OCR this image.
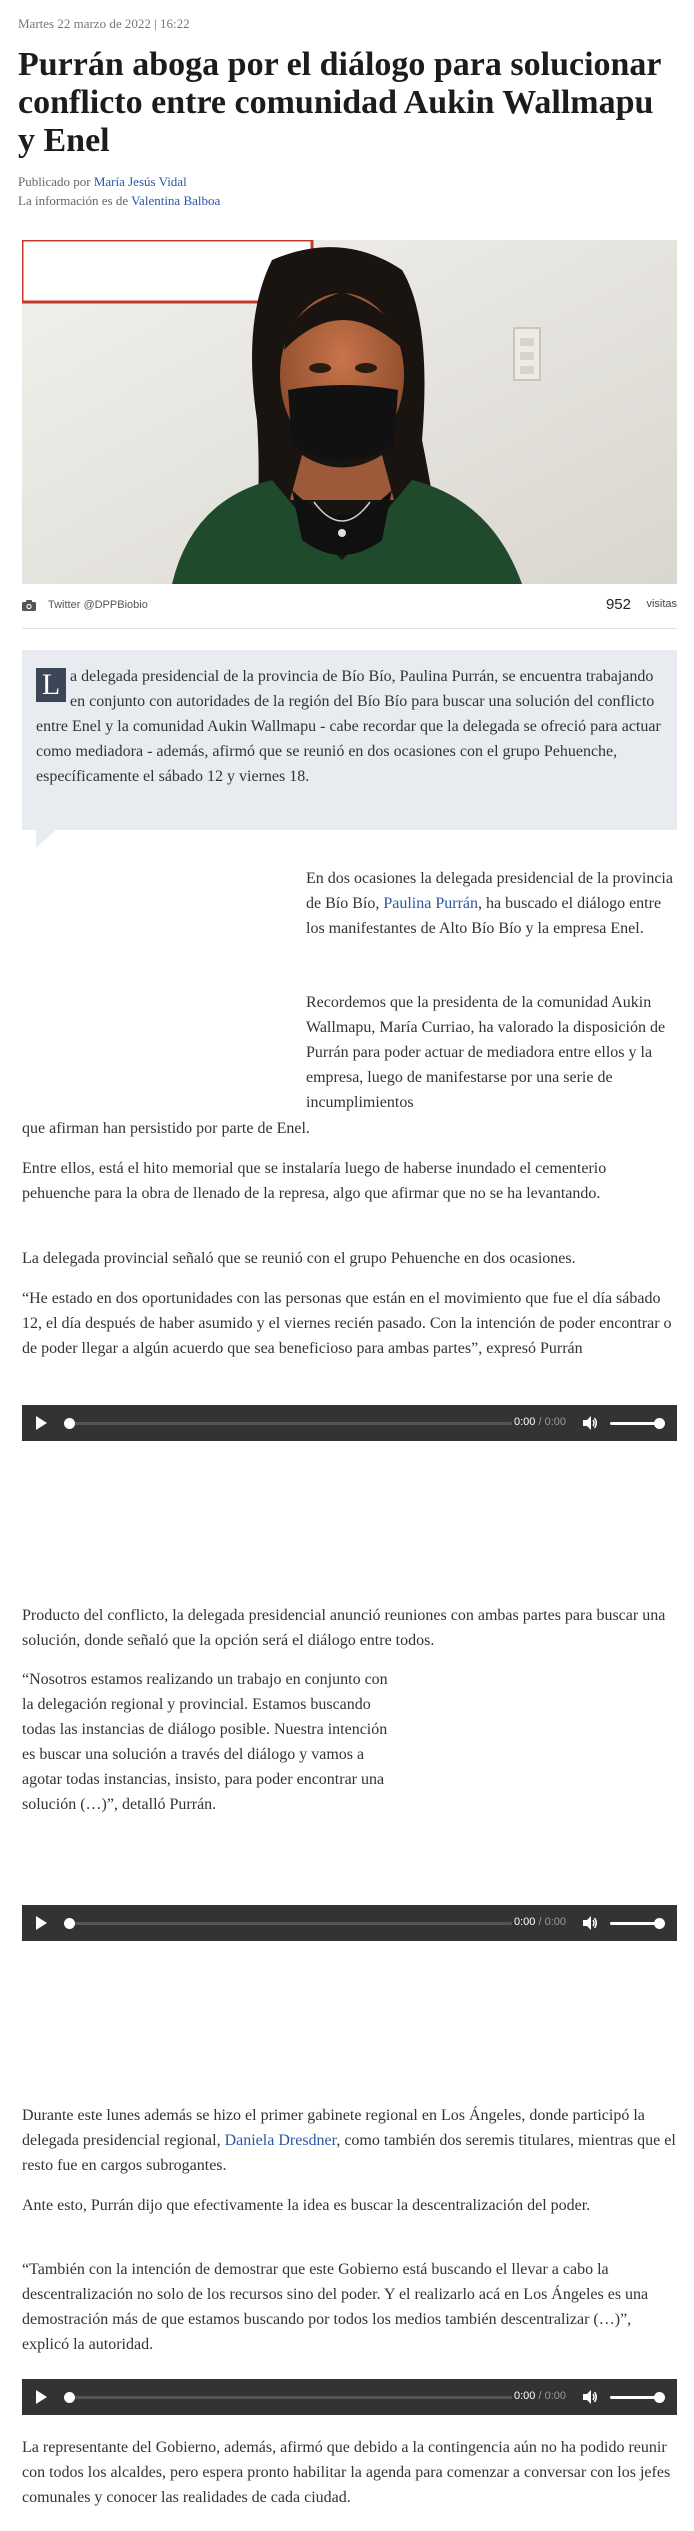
Martes 22 marzo de 2022 | 16:22
Purrán aboga por el diálogo para solucionar conflicto entre comunidad Aukin Wallmapu y Enel
Publicado por María Jesús Vidal
La información es de Valentina Balboa
Twitter @DPPBiobio	952 visitas
L a delegada presidencial de la provincia de Bío Bío, Paulina Purrán, se encuentra trabajando en conjunto con autoridades de la región del Bío Bío para buscar una solución del conflicto entre Enel y la comunidad Aukin Wallmapu - cabe recordar que la delegada se ofreció para actuar como mediadora - además, afirmó que se reunió en dos ocasiones con el grupo Pehuenche, específicamente el sábado 12 y viernes 18.

En dos ocasiones la delegada presidencial de la provincia de Bío Bío, Paulina Purrán, ha buscado el diálogo entre los manifestantes de Alto Bío Bío y la empresa Enel.

Recordemos que la presidenta de la comunidad Aukin Wallmapu, María Curriao, ha valorado la disposición de Purrán para poder actuar de mediadora entre ellos y la empresa, luego de manifestarse por una serie de incumplimientos

que afirman han persistido por parte de Enel.

Entre ellos, está el hito memorial que se instalaría luego de haberse inundado el cementerio pehuenche para la obra de llenado de la represa, algo que afirmar que no se ha levantando.

La delegada provincial señaló que se reunió con el grupo Pehuenche en dos ocasiones.

“He estado en dos oportunidades con las personas que están en el movimiento que fue el día sábado 12, el día después de haber asumido y el viernes recién pasado. Con la intención de poder encontrar o de poder llegar a algún acuerdo que sea beneficioso para ambas partes”, expresó Purrán

0:00 / 0:00

Producto del conflicto, la delegada presidencial anunció reuniones con ambas partes para buscar una solución, donde señaló que la opción será el diálogo entre todos.

“Nosotros estamos realizando un trabajo en conjunto con la delegación regional y provincial. Estamos buscando todas las instancias de diálogo posible. Nuestra intención es buscar una solución a través del diálogo y vamos a agotar todas instancias, insisto, para poder encontrar una solución (…)”, detalló Purrán.

0:00 / 0:00

Durante este lunes además se hizo el primer gabinete regional en Los Ángeles, donde participó la delegada presidencial regional, Daniela Dresdner, como también dos seremis titulares, mientras que el resto fue en cargos subrogantes.

Ante esto, Purrán dijo que efectivamente la idea es buscar la descentralización del poder.

“También con la intención de demostrar que este Gobierno está buscando el llevar a cabo la descentralización no solo de los recursos sino del poder. Y el realizarlo acá en Los Ángeles es una demostración más de que estamos buscando por todos los medios también descentralizar (…)”, explicó la autoridad.

0:00 / 0:00

La representante del Gobierno, además, afirmó que debido a la contingencia aún no ha podido reunir con todos los alcaldes, pero espera pronto habilitar la agenda para comenzar a conversar con los jefes comunales y conocer las realidades de cada ciudad.
